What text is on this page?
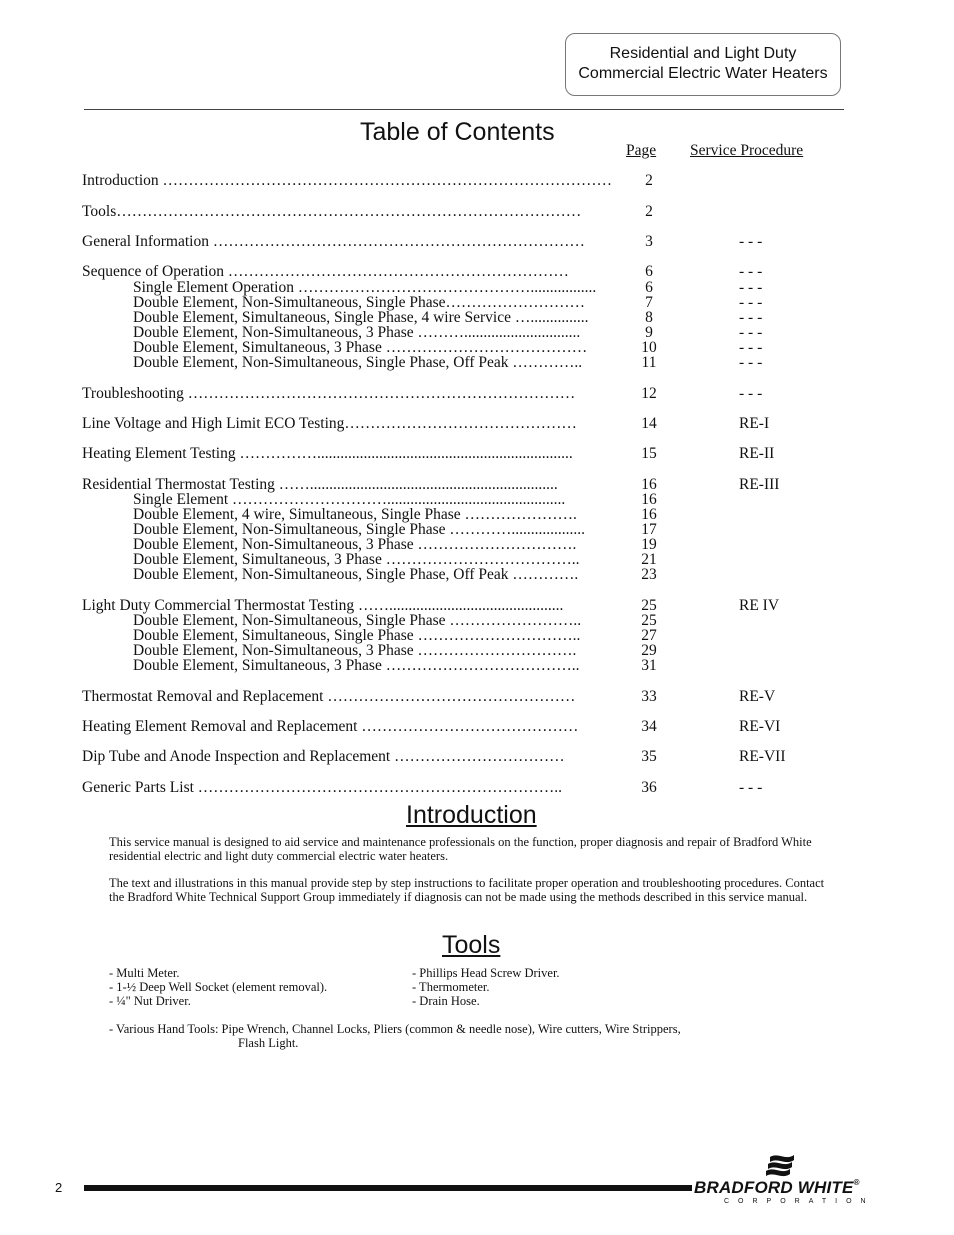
Residential and Light Duty
Commercial Electric Water Heaters
Table of Contents
Page Service Procedure
Introduction ……………………………………………………………………………	2
Tools………………………………………………………………………………	2
General Information ………………………………………………………………	3	- - -
Sequence of Operation …………………………………………………………	6	- - -
Single Element Operation ……………………………………….................	6	- - -
Double Element, Non-Simultaneous, Single Phase………………………	7	- - -
Double Element, Simultaneous, Single Phase, 4 wire Service …...............	8	- - -
Double Element, Non-Simultaneous, 3 Phase ………..............................	9	- - -
Double Element, Simultaneous, 3 Phase …………………………………	10	- - -
Double Element, Non-Simultaneous, Single Phase, Off Peak …………..	11	- - -
Troubleshooting …………………………………………………………………	12	- - -
Line Voltage and High Limit ECO Testing………………………………………	14	RE-I
Heating Element Testing ……………..................................................................	15	RE-II
Residential Thermostat Testing ……................................................................	16	RE-III
Single Element …………………………..............................................	16
Double Element, 4 wire, Simultaneous, Single Phase ………………….	16
Double Element, Non-Simultaneous, Single Phase …………...................	17
Double Element, Non-Simultaneous, 3 Phase ………………………….	19
Double Element, Simultaneous, 3 Phase ………………………………..	21
Double Element, Non-Simultaneous, Single Phase, Off Peak ………….	23
Light Duty Commercial Thermostat Testing …….............................................	25	RE IV
Double Element, Non-Simultaneous, Single Phase ……………………..	25
Double Element, Simultaneous, Single Phase …………………………..	27
Double Element, Non-Simultaneous, 3 Phase ………………………….	29
Double Element, Simultaneous, 3 Phase ………………………………..	31
Thermostat Removal and Replacement …………………………………………	33	RE-V
Heating Element Removal and Replacement ……………………………………	34	RE-VI
Dip Tube and Anode Inspection and Replacement ……………………………	35	RE-VII
Generic Parts List ……………………………………………………………..	36	- - -
Introduction
This service manual is designed to aid service and maintenance professionals on the function, proper diagnosis and repair of Bradford White residential electric and light duty commercial electric water heaters.
The text and illustrations in this manual provide step by step instructions to facilitate proper operation and troubleshooting procedures. Contact the Bradford White Technical Support Group immediately if diagnosis can not be made using the methods described in this service manual.
Tools
- Multi Meter.
- 1-½ Deep Well Socket (element removal).
- ¼" Nut Driver.
- Phillips Head Screw Driver.
- Thermometer.
- Drain Hose.
- Various Hand Tools: Pipe Wrench, Channel Locks, Pliers (common & needle nose), Wire cutters, Wire Strippers,
Flash Light.
2	BRADFORD WHITE®
CORPORATION
